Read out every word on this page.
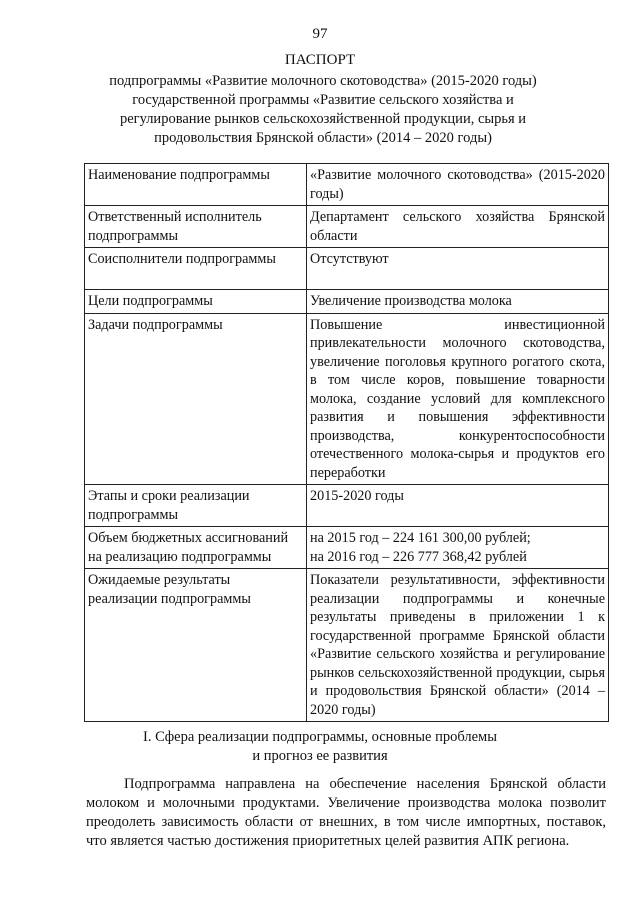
97
ПАСПОРТ
подпрограммы «Развитие молочного скотоводства» (2015-2020 годы) государственной программы «Развитие сельского хозяйства и регулирование рынков сельскохозяйственной продукции, сырья и продовольствия Брянской области» (2014 – 2020 годы)
Наименование подпрограммы	«Развитие молочного скотоводства» (2015-2020 годы)
Ответственный исполнитель подпрограммы	Департамент сельского хозяйства Брянской области
Соисполнители подпрограммы	Отсутствуют
Цели подпрограммы	Увеличение производства молока
Задачи подпрограммы	Повышение инвестиционной привлекательности молочного скотоводства, увеличение поголовья крупного рогатого скота, в том числе коров, повышение товарности молока, создание условий для комплексного развития и повышения эффективности производства, конкурентоспособности отечественного молока-сырья и продуктов его переработки
Этапы и сроки реализации подпрограммы	2015-2020 годы
Объем бюджетных ассигнований на реализацию подпрограммы	на 2015 год – 224 161 300,00 рублей;
на 2016 год – 226 777 368,42 рублей

Ожидаемые результаты реализации подпрограммы	Показатели результативности, эффективности реализации подпрограммы и конечные результаты приведены в приложении 1 к государственной программе Брянской области «Развитие сельского хозяйства и регулирование рынков сельскохозяйственной продукции, сырья и продовольствия Брянской области» (2014 – 2020 годы)
I. Сфера реализации подпрограммы, основные проблемы
и прогноз ее развития
Подпрограмма направлена на обеспечение населения Брянской области молоком и молочными продуктами. Увеличение производства молока позволит преодолеть зависимость области от внешних, в том числе импортных, поставок, что является частью достижения приоритетных целей развития АПК региона.
